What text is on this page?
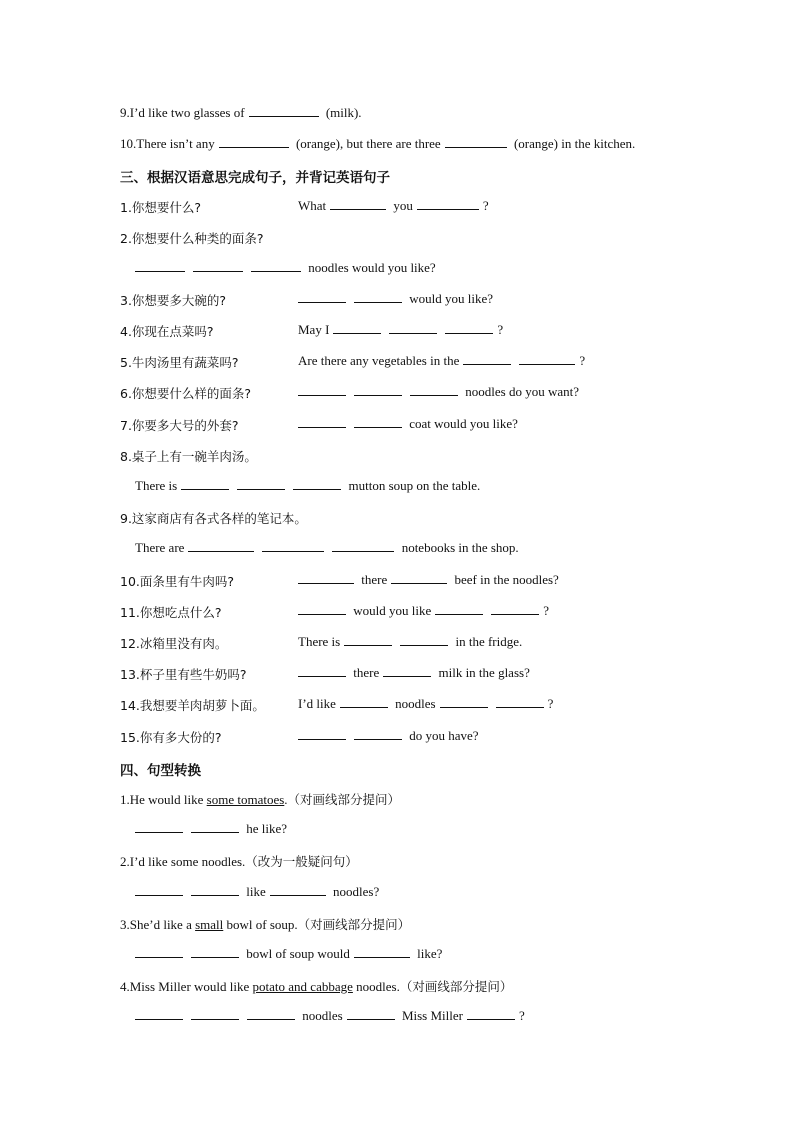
9.I’d like two glasses of	(milk).
10.There isn’t any	(orange), but there are three	(orange) in the kitchen.
三、根据汉语意思完成句子，并背记英语句子
1.你想要什么?	What	you	?
2.你想要什么种类的面条?
noodles would you like?
3.你想要多大碗的?	would you like?
4.你现在点菜吗?	May I	?
5.牛肉汤里有蔬菜吗?	Are there any vegetables in the	?
6.你想要什么样的面条?	noodles do you want?
7.你要多大号的外套?	coat would you like?
8.桌子上有一碗羊肉汤。
There is	mutton soup on the table.
9.这家商店有各式各样的笔记本。
There are	notebooks in the shop.
10.面条里有牛肉吗?	there	beef in the noodles?
11.你想吃点什么?	would you like	?
12.冰箱里没有肉。	There is	in the fridge.
13.杯子里有些牛奶吗?	there	milk in the glass?
14.我想要羊肉胡萝卜面。	I’d like	noodles	?
15.你有多大份的?	do you have?
四、句型转换
1.He would like some tomatoes.（对画线部分提问）
he like?
2.I’d like some noodles.（改为一般疑问句）
like	noodles?
3.She’d like a small bowl of soup.（对画线部分提问）
bowl of soup would	like?
4.Miss Miller would like potato and cabbage noodles.（对画线部分提问）
noodles	Miss Miller	?
